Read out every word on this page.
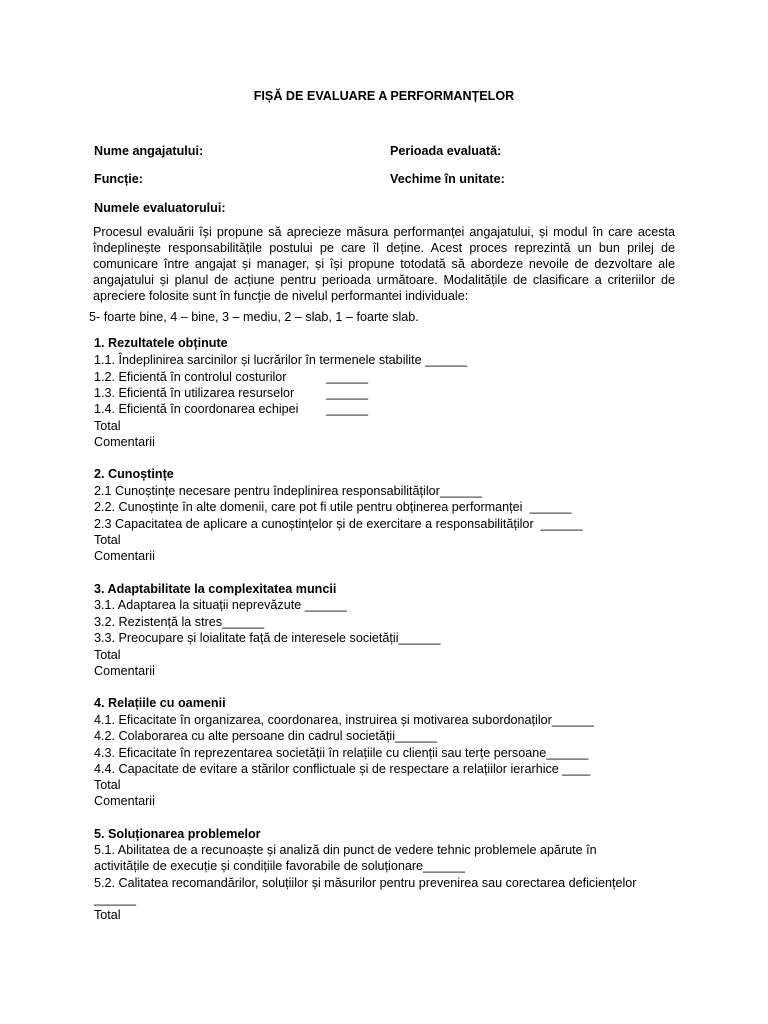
FIȘĂ DE EVALUARE A PERFORMANȚELOR
Nume angajatului:	Perioada evaluată:
Funcție:	Vechime în unitate:
Numele evaluatorului:
Procesul evaluării își propune să aprecieze măsura performanței angajatului, și modul în care acesta îndeplinește responsabilitățile postului pe care îl deține. Acest proces reprezintă un bun prilej de comunicare între angajat și manager, și își propune totodată să abordeze nevoile de dezvoltare ale angajatului și planul de acțiune pentru perioada următoare. Modalitățile de clasificare a criteriilor de apreciere folosite sunt în funcție de nivelul performantei individuale:
5- foarte bine, 4 – bine, 3 – mediu, 2 – slab, 1 – foarte slab.
1. Rezultatele obținute
1.1. Îndeplinirea sarcinilor și lucrărilor în termenele stabilite ______
1.2. Eficientă în controlul costurilor	______
1.3. Eficientă în utilizarea resurselor	______
1.4. Eficientă în coordonarea echipei ______
Total
Comentarii
2. Cunoștințe
2.1 Cunoștințe necesare pentru îndeplinirea responsabilităților______
2.2. Cunoștințe în alte domenii, care pot fi utile pentru obținerea performanței  ______
2.3 Capacitatea de aplicare a cunoștințelor și de exercitare a responsabilităților  ______
Total
Comentarii
3. Adaptabilitate la complexitatea muncii
3.1. Adaptarea la situații neprevăzute ______
3.2. Rezistență la stres______
3.3. Preocupare și loialitate față de interesele societății______
Total
Comentarii
4. Relațiile cu oamenii
4.1. Eficacitate în organizarea, coordonarea, instruirea și motivarea subordonaților______
4.2. Colaborarea cu alte persoane din cadrul societății______
4.3. Eficacitate în reprezentarea societății în relațiile cu clienții sau terțe persoane______
4.4. Capacitate de evitare a stărilor conflictuale și de respectare a relațiilor ierarhice ____
Total
Comentarii
5. Soluționarea problemelor
5.1. Abilitatea de a recunoaște și analiză din punct de vedere tehnic problemele apărute în
activitățile de execuție și condițiile favorabile de soluționare______
5.2. Calitatea recomandărilor, soluțiilor și măsurilor pentru prevenirea sau corectarea deficiențelor
______
Total
